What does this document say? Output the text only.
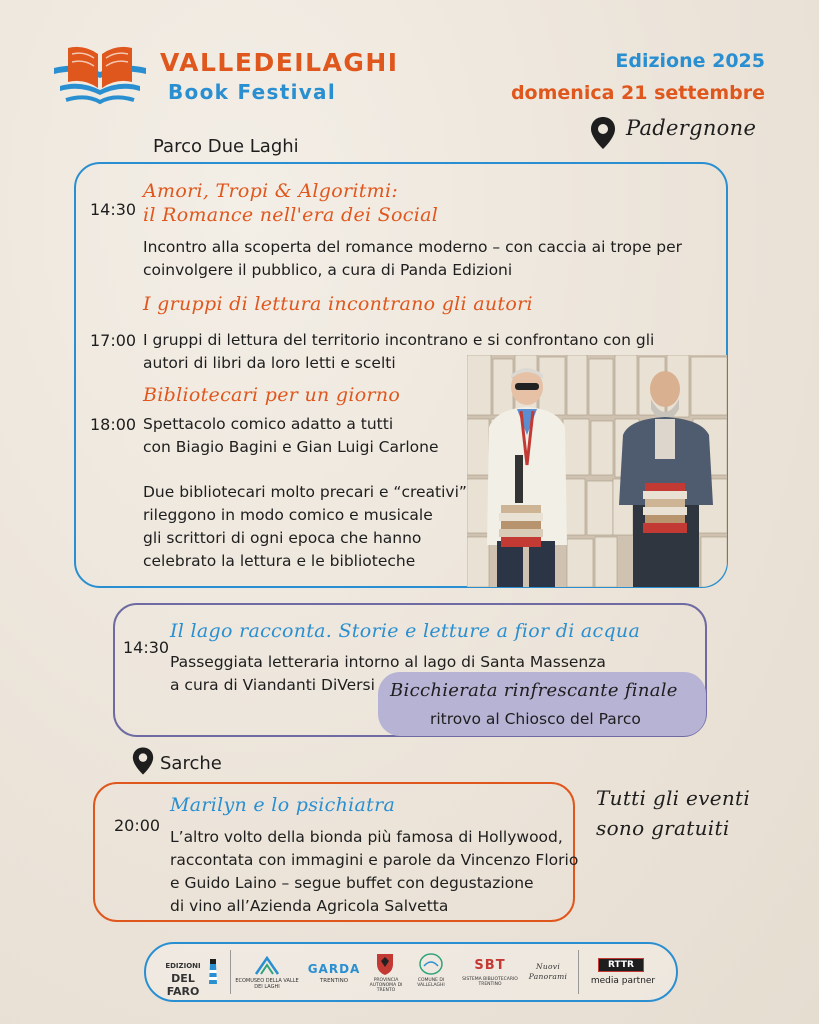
VALLEDEILAGHI
Book Festival
Edizione 2025
domenica 21 settembre
Padergnone
Parco Due Laghi
14:30
Amori, Tropi & Algoritmi:
il Romance nell'era dei Social
Incontro alla scoperta del romance moderno – con caccia ai trope per
coinvolgere il pubblico, a cura di Panda Edizioni
I gruppi di lettura incontrano gli autori
17:00 I gruppi di lettura del territorio incontrano e si confrontano con gli
autori di libri da loro letti e scelti
Bibliotecari per un giorno
18:00 Spettacolo comico adatto a tutti
con Biagio Bagini e Gian Luigi Carlone
Due bibliotecari molto precari e “creativi”
rileggono in modo comico e musicale
gli scrittori di ogni epoca che hanno
celebrato la lettura e le biblioteche
14:30
Il lago racconta. Storie e letture a fior di acqua
Passeggiata letteraria intorno al lago di Santa Massenza
a cura di Viandanti DiVersi Bicchierata rinfrescante finale
ritrovo al Chiosco del Parco
Sarche
20:00
Marilyn e lo psichiatra
L’altro volto della bionda più famosa di Hollywood,
raccontata con immagini e parole da Vincenzo Florio
e Guido Laino – segue buffet con degustazione
di vino all’Azienda Agricola Salvetta
Tutti gli eventi
sono gratuiti
EDIZIONI
DEL FARO
ECOMUSEO DELLA VALLE DEI LAGHI
GARDA
TRENTINO	PROVINCIA AUTONOMA DI TRENTO
COMUNE DI VALLELAGHI
SBT
SISTEMA BIBLIOTECARIO TRENTINO
Nuovi
Panorami
RTTR
media partner
